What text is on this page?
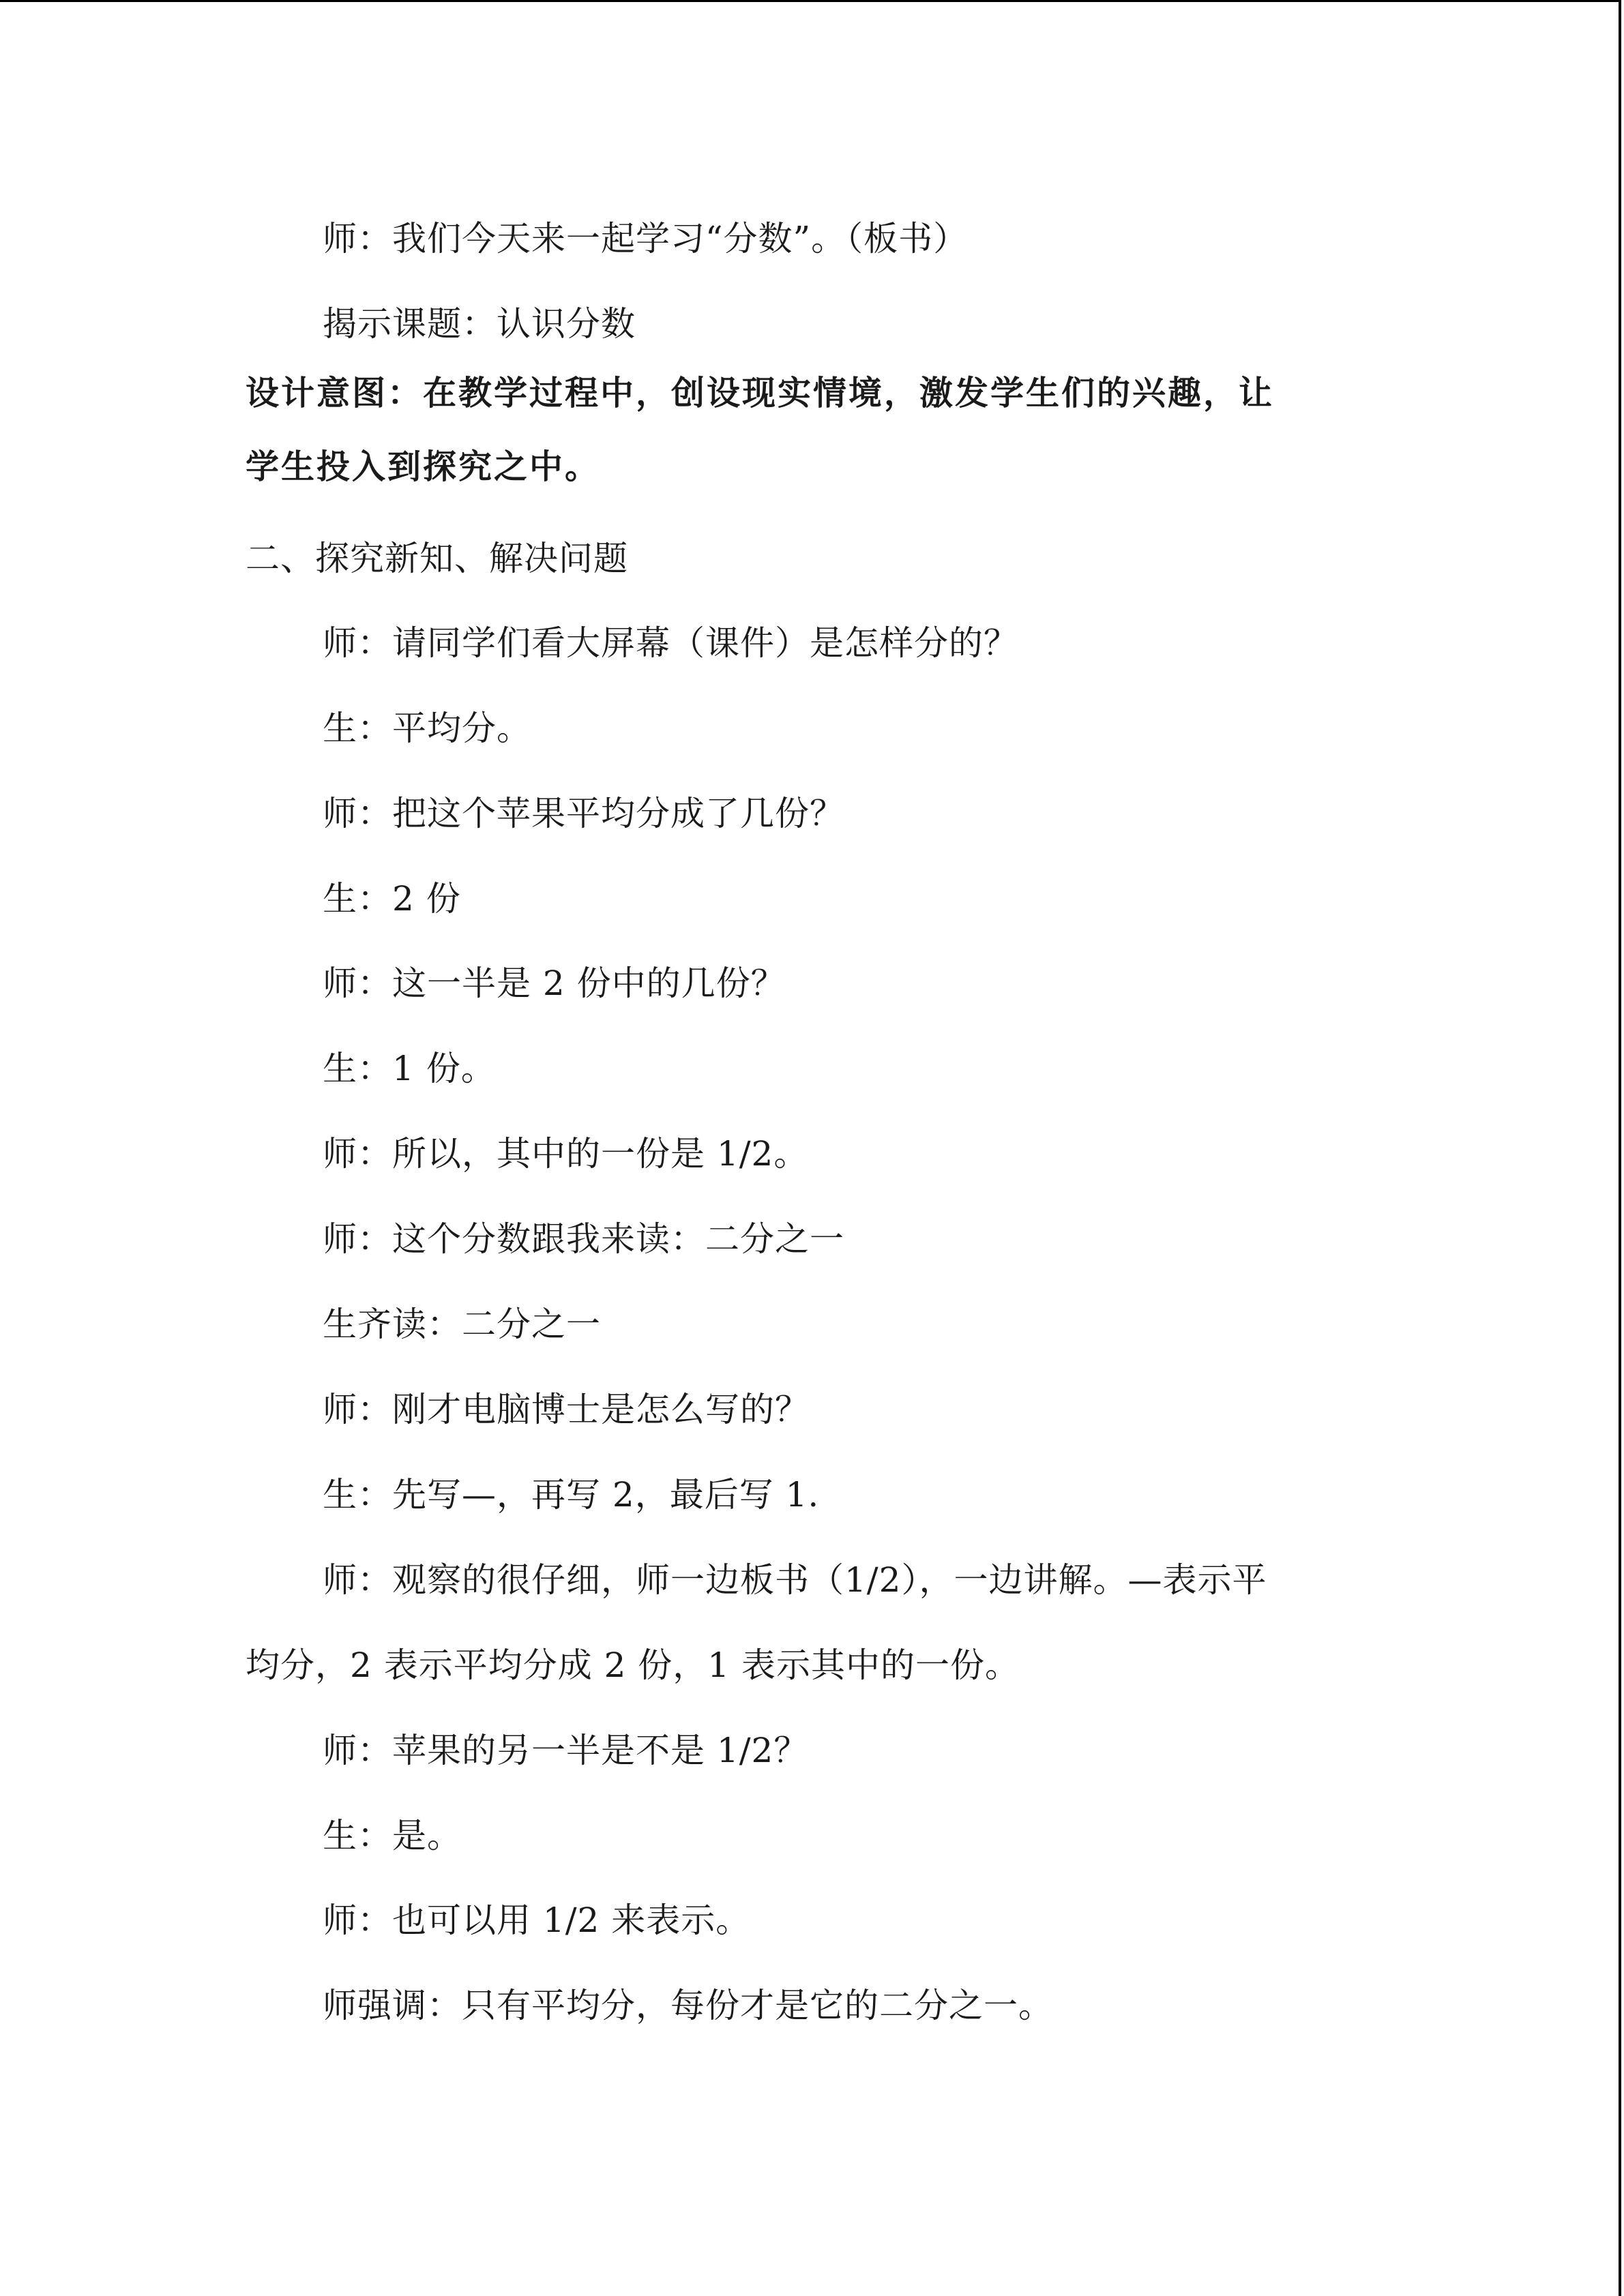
师：我们今天来一起学习“分数”。（板书）
揭示课题：认识分数
设计意图：在教学过程中，创设现实情境，激发学生们的兴趣，让
学生投入到探究之中。
二、探究新知、解决问题
师：请同学们看大屏幕（课件）是怎样分的？
生：平均分。
师：把这个苹果平均分成了几份？
生：2 份
师：这一半是 2 份中的几份？
生：1 份。
师：所以，其中的一份是 1/2。
师：这个分数跟我来读：二分之一
生齐读：二分之一
师：刚才电脑博士是怎么写的？
生：先写—，再写 2，最后写 1.
师：观察的很仔细，师一边板书（1/2），一边讲解。—表示平
均分，2 表示平均分成 2 份，1 表示其中的一份。
师：苹果的另一半是不是 1/2？
生：是。
师：也可以用 1/2 来表示。
师强调：只有平均分，每份才是它的二分之一。
